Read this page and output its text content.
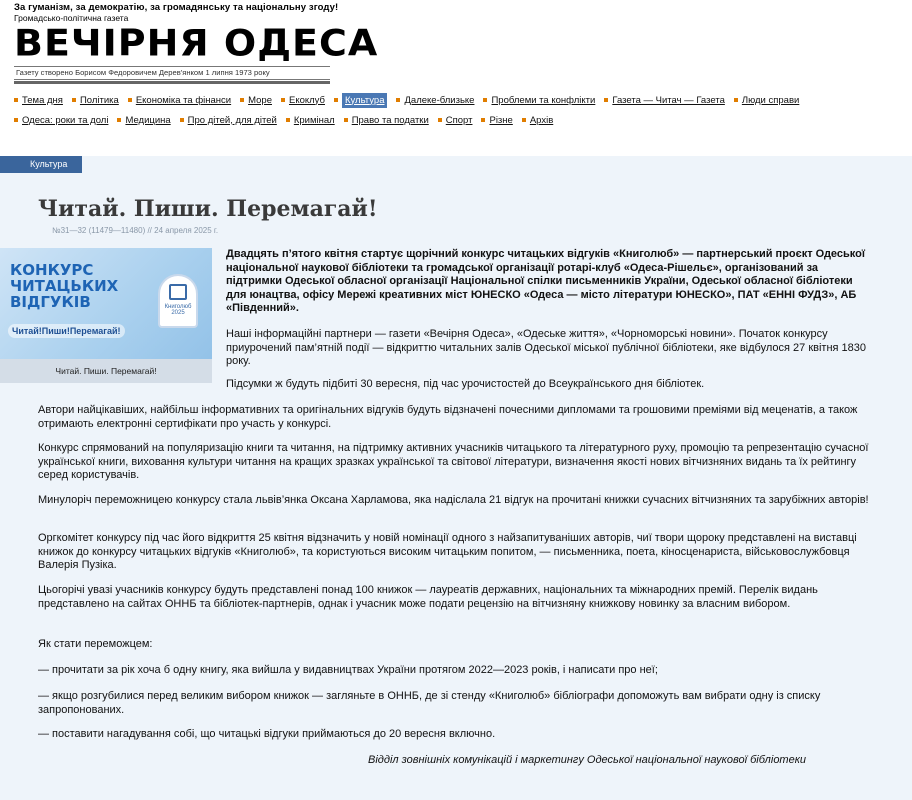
За гуманізм, за демократію, за громадянську та національну згоду!
Громадсько-політична газета
ВЕЧІРНЯ ОДЕСА
Газету створено Борисом Федоровичем Дерев'янком 1 липня 1973 року
Тема дня Політика Економіка та фінанси Море Екоклуб	Культура	Далеке-близьке Проблеми та конфлікти Газета — Читач — Газета Люди справи
Одеса: роки та долі Медицина Про дітей, для дітей Кримінал Право та податки Спорт Різне Архів
Культура
Читай. Пиши. Перемагай!
№31—32 (11479—11480) // 24 апреля 2025 г.
КОНКУРС
ЧИТАЦЬКИХ
ВІДГУКІВ
Читай!Пиши!Перемагай!
Книголюб
2025
Читай. Пиши. Перемагай!

Двадцять п’ятого квітня стартує щорічний конкурс читацьких відгуків «Книголюб» — партнерський проєкт Одеської національної наукової бібліотеки та громадської організації ротарі-клуб «Одеса-Рішельє», організований за підтримки Одеської обласної організації Національної спілки письменників України, Одеської обласної бібліотеки для юнацтва, офісу Мережі креативних міст ЮНЕСКО «Одеса — місто літератури ЮНЕСКО», ПАТ «ЕННІ ФУДЗ», АБ «Південний».

Наші інформаційні партнери — газети «Вечірня Одеса», «Одеське життя», «Чорноморські новини». Початок конкурсу приурочений пам’ятній події — відкриттю читальних залів Одеської міської публічної бібліотеки, яке відбулося 27 квітня 1830 року.

Підсумки ж будуть підбиті 30 вересня, під час урочистостей до Всеукраїнського дня бібліотек.

Автори найцікавіших, найбільш інформативних та оригінальних відгуків будуть відзначені почесними дипломами та грошовими преміями від меценатів, а також отримають електронні сертифікати про участь у конкурсі.

Конкурс спрямований на популяризацію книги та читання, на підтримку активних учасників читацького та літературного руху, промоцію та репрезентацію сучасної української книги, виховання культури читання на кращих зразках української та світової літератури, визначення якості нових вітчизняних видань та їх рейтингу серед користувачів.

Минулоріч переможницею конкурсу стала львів’янка Оксана Харламова, яка надіслала 21 відгук на прочитані книжки сучасних вітчизняних та зарубіжних авторів!

Оргкомітет конкурсу під час його відкриття 25 квітня відзначить у новій номінації одного з найзапитуваніших авторів, чиї твори щороку представлені на виставці книжок до конкурсу читацьких відгуків «Книголюб», та користуються високим читацьким попитом, — письменника, поета, кіносценариста, військовослужбовця Валерія Пузіка.

Цьогорічі увазі учасників конкурсу будуть представлені понад 100 книжок — лауреатів державних, національних та міжнародних премій. Перелік видань представлено на сайтах ОННБ та бібліотек-партнерів, однак і учасник може подати рецензію на вітчизняну книжкову новинку за власним вибором.

Як стати переможцем:

— прочитати за рік хоча б одну книгу, яка вийшла у видавництвах України протягом 2022—2023 років, і написати про неї;

— якщо розгубилися перед великим вибором книжок — загляньте в ОННБ, де зі стенду «Книголюб» бібліографи допоможуть вам вибрати одну із списку запропонованих.

— поставити нагадування собі, що читацькі відгуки приймаються до 20 вересня включно.

Відділ зовнішніх комунікацій і маркетингу Одеської національної наукової бібліотеки
